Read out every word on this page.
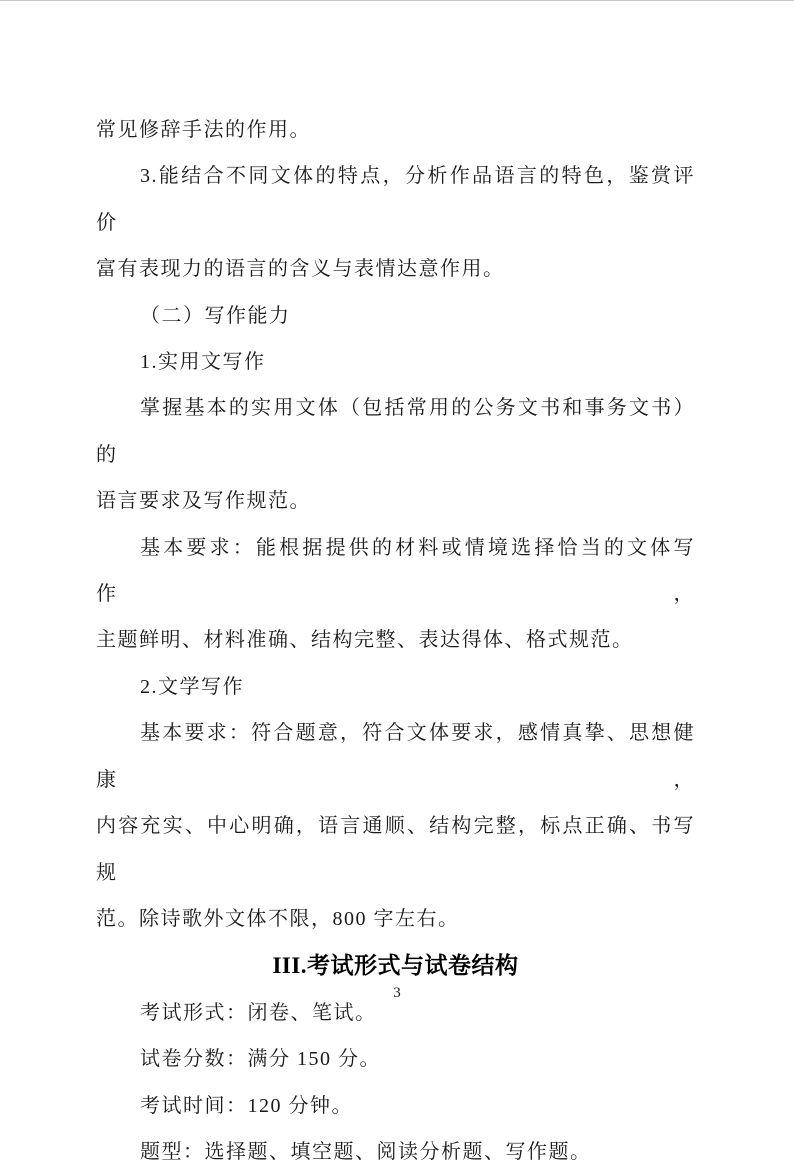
常见修辞手法的作用。
3.能结合不同文体的特点，分析作品语言的特色，鉴赏评价
富有表现力的语言的含义与表情达意作用。
（二）写作能力
1.实用文写作
掌握基本的实用文体（包括常用的公务文书和事务文书）的
语言要求及写作规范。
基本要求：能根据提供的材料或情境选择恰当的文体写作，
主题鲜明、材料准确、结构完整、表达得体、格式规范。
2.文学写作
基本要求：符合题意，符合文体要求，感情真挚、思想健康，
内容充实、中心明确，语言通顺、结构完整，标点正确、书写规
范。除诗歌外文体不限，800 字左右。
III.考试形式与试卷结构
考试形式：闭卷、笔试。
试卷分数：满分 150 分。
考试时间：120 分钟。
题型：选择题、填空题、阅读分析题、写作题。
3
